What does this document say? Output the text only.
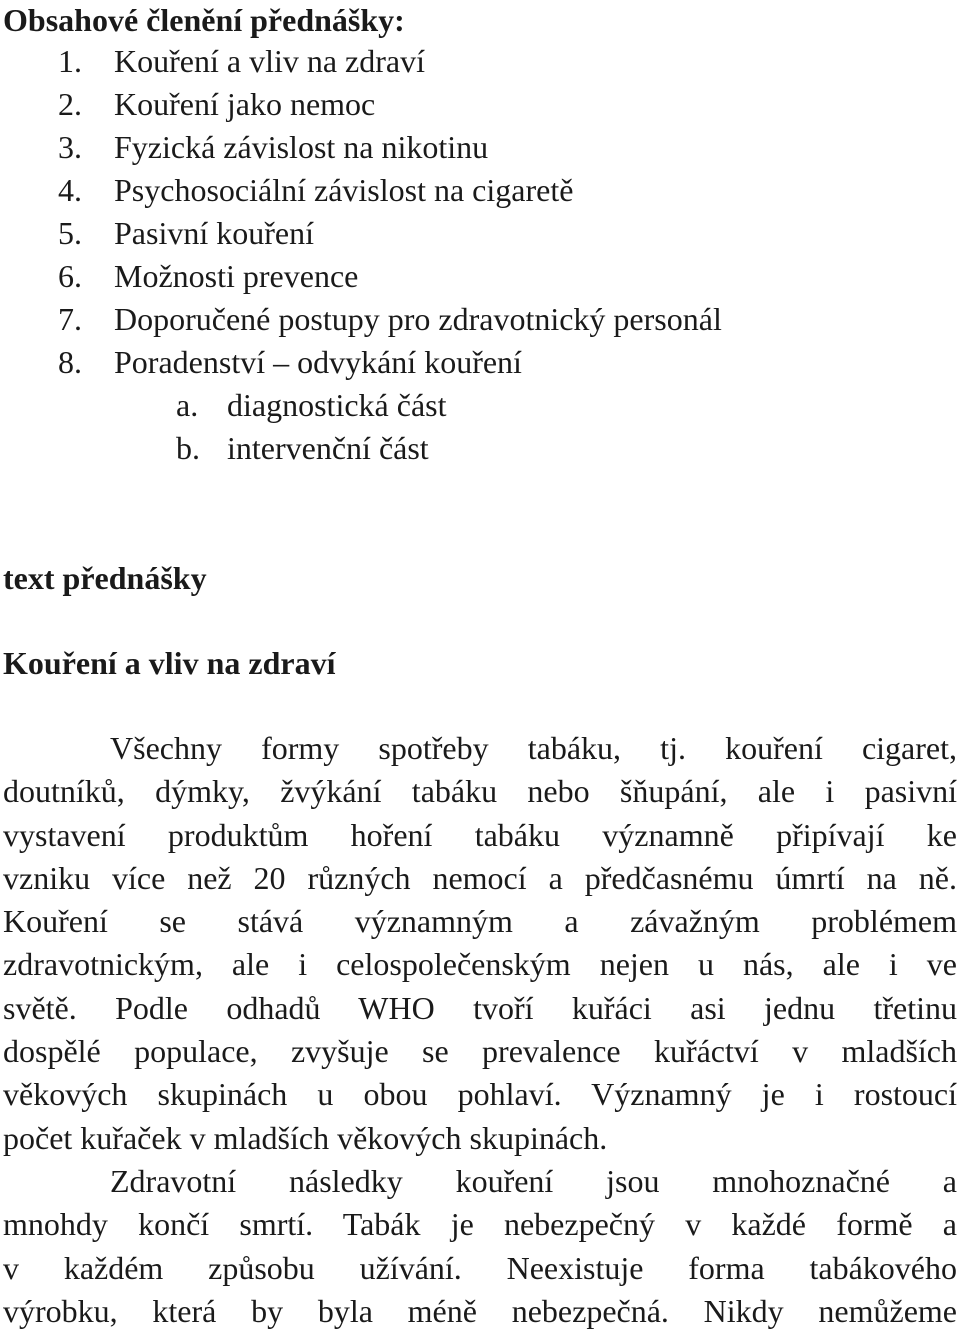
Obsahové členění přednášky:
1.	Kouření a vliv na zdraví
2.	Kouření jako nemoc
3.	Fyzická závislost na nikotinu
4.	Psychosociální závislost na cigaretě
5.	Pasivní kouření
6.	Možnosti prevence
7.	Doporučené postupy pro zdravotnický personál
8.	Poradenství – odvykání kouření
a. diagnostická část
b. intervenční část
text přednášky
Kouření a vliv na zdraví
Všechny formy spotřeby tabáku, tj. kouření cigaret,
doutníků, dýmky, žvýkání tabáku nebo šňupání, ale i pasivní
vystavení produktům hoření tabáku významně připívají ke
vzniku více než 20 různých nemocí a předčasnému úmrtí na ně.
Kouření se stává významným a závažným problémem
zdravotnickým, ale i celospolečenským nejen u nás, ale i ve
světě. Podle odhadů WHO tvoří kuřáci asi jednu třetinu
dospělé populace, zvyšuje se prevalence kuřáctví v mladších
věkových skupinách u obou pohlaví. Významný je i rostoucí
počet kuřaček v mladších věkových skupinách.
Zdravotní následky kouření jsou mnohoznačné a
mnohdy končí smrtí. Tabák je nebezpečný v každé formě a
v každém způsobu užívání. Neexistuje forma tabákového
výrobku, která by byla méně nebezpečná. Nikdy nemůžeme
